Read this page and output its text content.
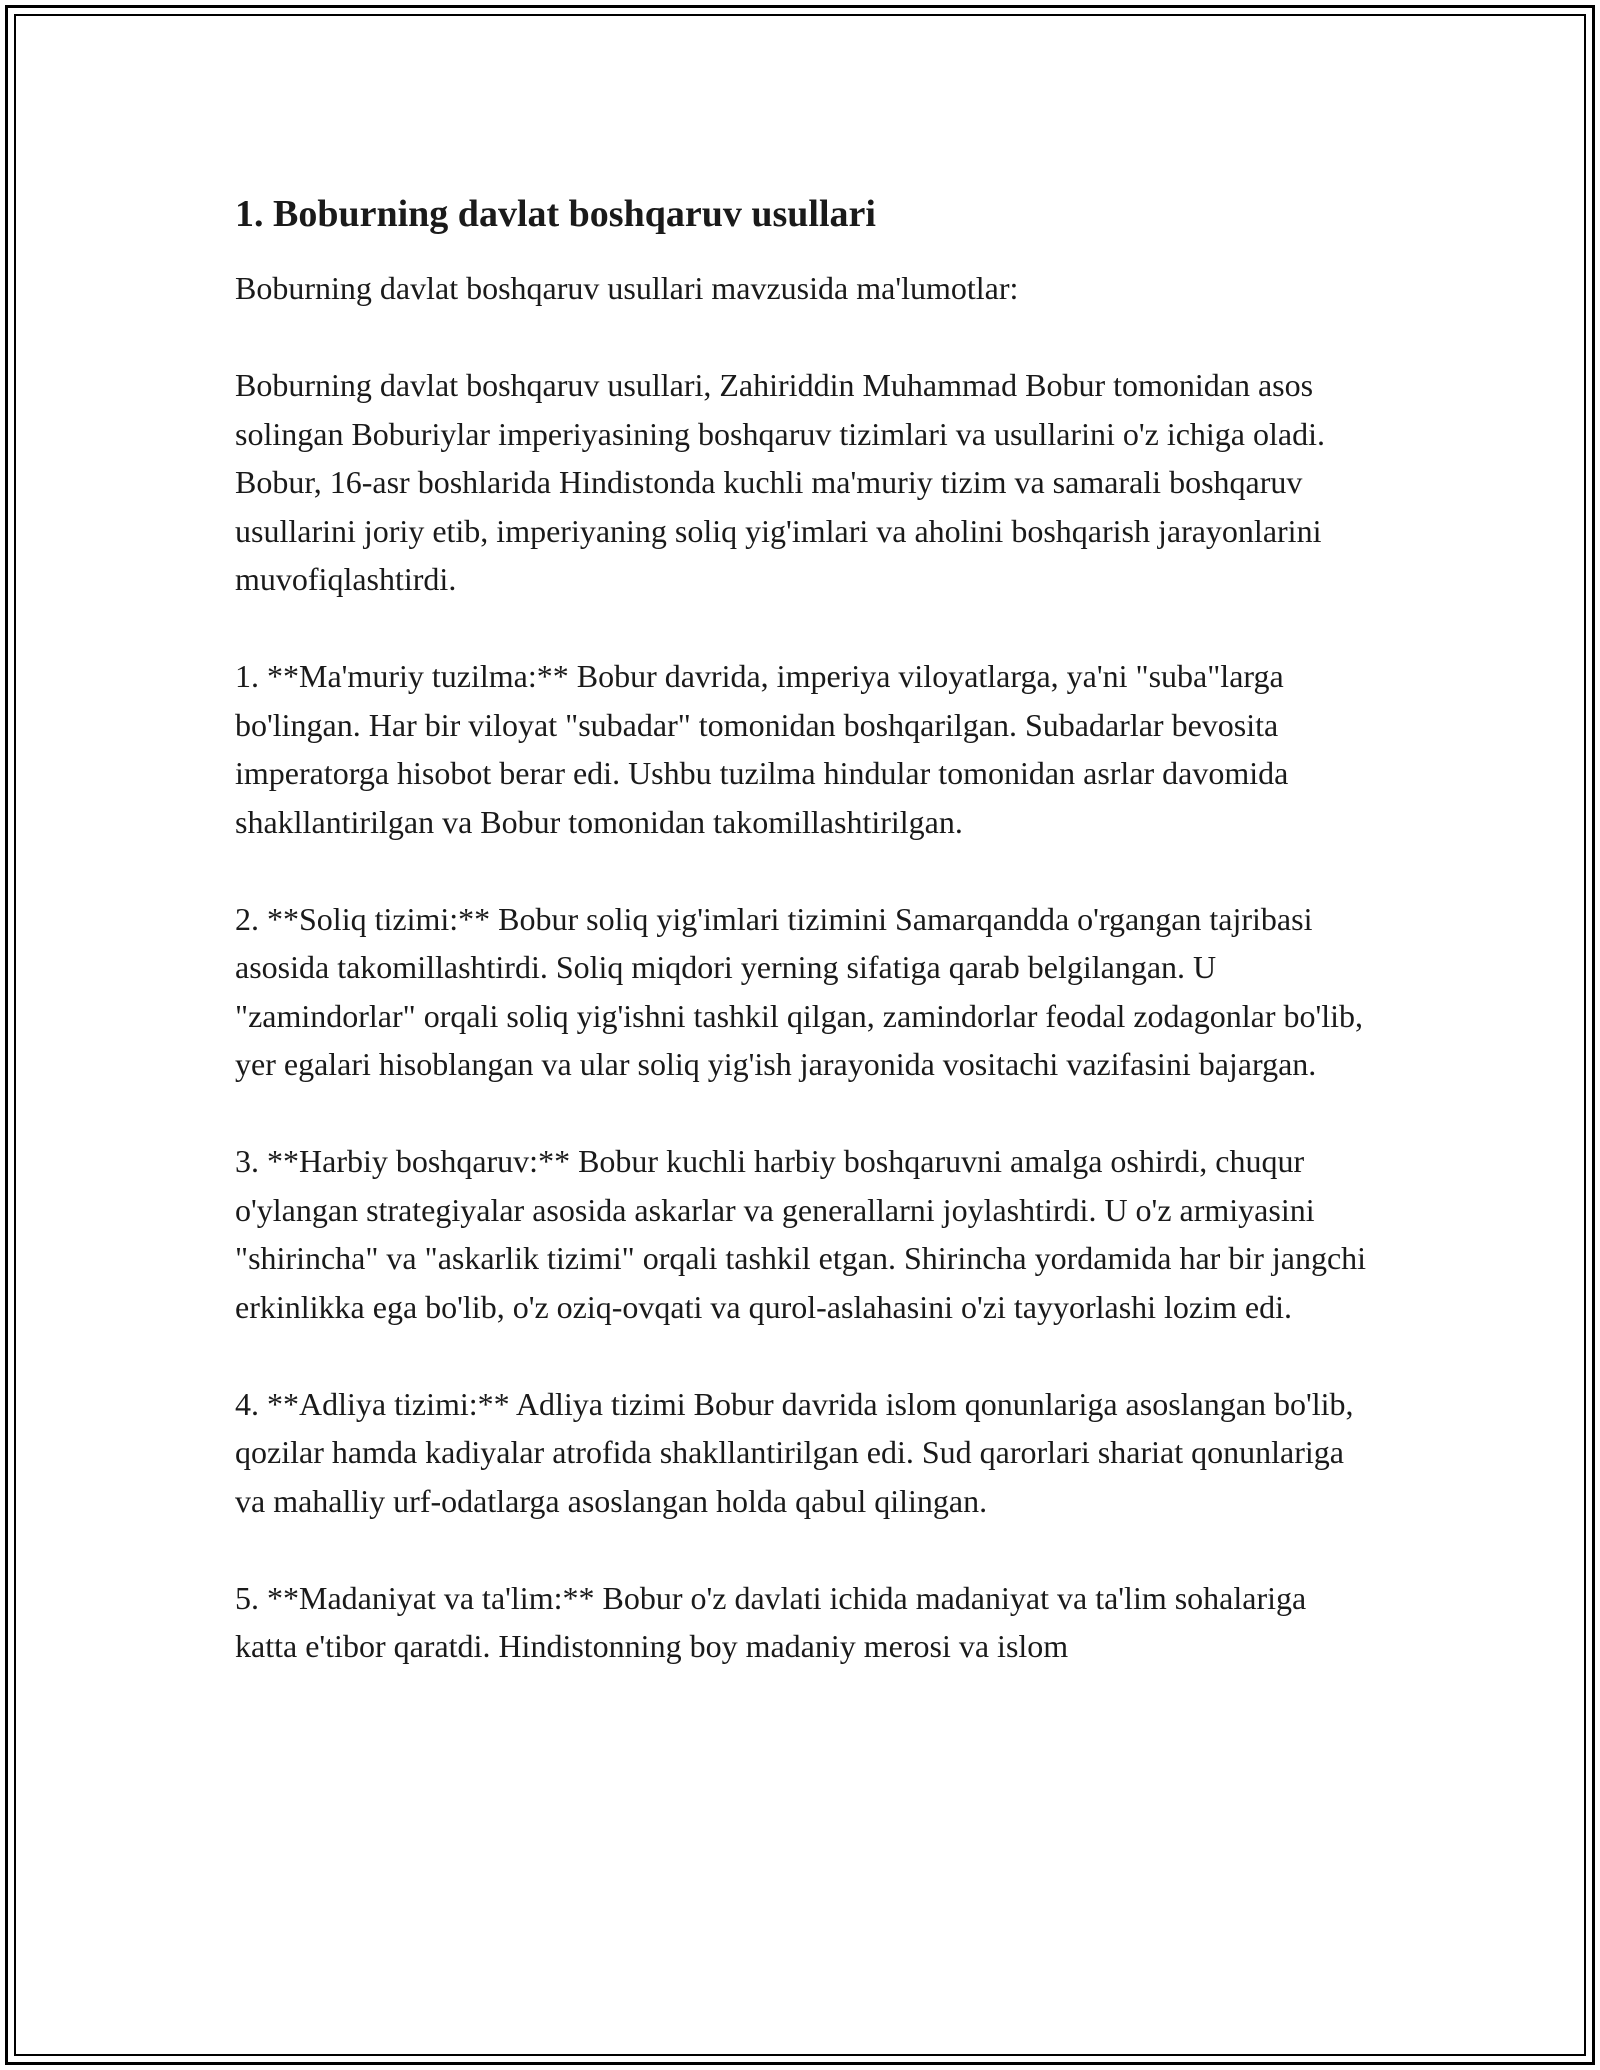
1. Boburning davlat boshqaruv usullari

Boburning davlat boshqaruv usullari mavzusida ma'lumotlar:

Boburning davlat boshqaruv usullari, Zahiriddin Muhammad Bobur tomonidan asos solingan Boburiylar imperiyasining boshqaruv tizimlari va usullarini o'z ichiga oladi. Bobur, 16-asr boshlarida Hindistonda kuchli ma'muriy tizim va samarali boshqaruv usullarini joriy etib, imperiyaning soliq yig'imlari va aholini boshqarish jarayonlarini muvofiqlashtirdi.

1. **Ma'muriy tuzilma:** Bobur davrida, imperiya viloyatlarga, ya'ni "suba"larga bo'lingan. Har bir viloyat "subadar" tomonidan boshqarilgan. Subadarlar bevosita imperatorga hisobot berar edi. Ushbu tuzilma hindular tomonidan asrlar davomida shakllantirilgan va Bobur tomonidan takomillashtirilgan.

2. **Soliq tizimi:** Bobur soliq yig'imlari tizimini Samarqandda o'rgangan tajribasi asosida takomillashtirdi. Soliq miqdori yerning sifatiga qarab belgilangan. U "zamindorlar" orqali soliq yig'ishni tashkil qilgan, zamindorlar feodal zodagonlar bo'lib, yer egalari hisoblangan va ular soliq yig'ish jarayonida vositachi vazifasini bajargan.

3. **Harbiy boshqaruv:** Bobur kuchli harbiy boshqaruvni amalga oshirdi, chuqur o'ylangan strategiyalar asosida askarlar va generallarni joylashtirdi. U o'z armiyasini "shirincha" va "askarlik tizimi" orqali tashkil etgan. Shirincha yordamida har bir jangchi erkinlikka ega bo'lib, o'z oziq-ovqati va qurol-aslahasini o'zi tayyorlashi lozim edi.

4. **Adliya tizimi:** Adliya tizimi Bobur davrida islom qonunlariga asoslangan bo'lib, qozilar hamda kadiyalar atrofida shakllantirilgan edi. Sud qarorlari shariat qonunlariga va mahalliy urf-odatlarga asoslangan holda qabul qilingan.

5. **Madaniyat va ta'lim:** Bobur o'z davlati ichida madaniyat va ta'lim sohalariga katta e'tibor qaratdi. Hindistonning boy madaniy merosi va islom
